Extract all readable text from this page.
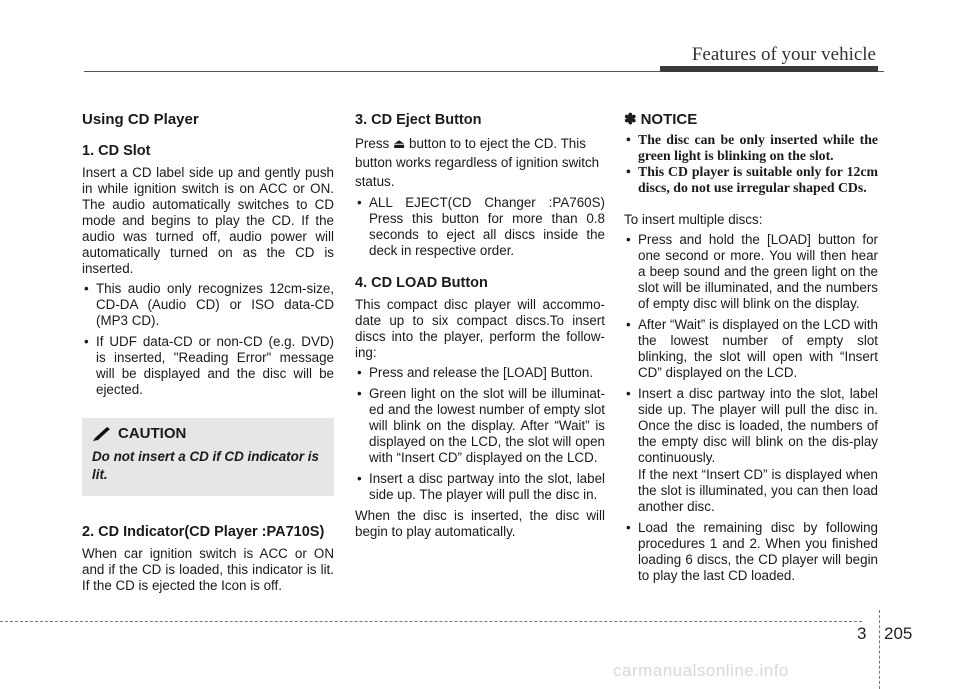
Features of your vehicle
Using CD Player
1. CD Slot

Insert a CD label side up and gently push in while ignition switch is on ACC or ON. The audio automatically switches to CD mode and begins to play the CD. If the audio was turned off, audio power will automatically turned on as the CD is inserted.

• This audio only recognizes 12cm-size, CD-DA (Audio CD) or ISO data-CD (MP3 CD).
• If UDF data-CD or non-CD (e.g. DVD) is inserted, "Reading Error" message will be displayed and the disc will be ejected.
CAUTION
Do not insert a CD if CD indicator is lit.
2. CD Indicator(CD Player :PA710S)

When car ignition switch is ACC or ON and if the CD is loaded, this indicator is lit. If the CD is ejected the Icon is off.

3. CD Eject Button

Press ⏏ button to to eject the CD. This button works regardless of ignition switch status.

• ALL EJECT(CD Changer :PA760S) Press this button for more than 0.8 seconds to eject all discs inside the deck in respective order.
4. CD LOAD Button

This compact disc player will accommo-date up to six compact discs.To insert discs into the player, perform the follow-ing:

• Press and release the [LOAD] Button.
• Green light on the slot will be illuminat-ed and the lowest number of empty slot will blink on the display. After “Wait” is displayed on the LCD, the slot will open with “Insert CD” displayed on the LCD.
• Insert a disc partway into the slot, label side up. The player will pull the disc in.

When the disc is inserted, the disc will begin to play automatically.

✽ NOTICE
• The disc can be only inserted while the green light is blinking on the slot.
• This CD player is suitable only for 12cm discs, do not use irregular shaped CDs.

To insert multiple discs:

• Press and hold the [LOAD] button for one second or more. You will then hear a beep sound and the green light on the slot will be illuminated, and the numbers of empty disc will blink on the display.
• After “Wait” is displayed on the LCD with the lowest number of empty slot blinking, the slot will open with “Insert CD” displayed on the LCD.
• Insert a disc partway into the slot, label side up. The player will pull the disc in. Once the disc is loaded, the numbers of the empty disc will blink on the dis-play continuously.
If the next “Insert CD” is displayed when the slot is illuminated, you can then load another disc.
• Load the remaining disc by following procedures 1 and 2. When you finished loading 6 discs, the CD player will begin to play the last CD loaded.
3 205
carmanualsonline.info
